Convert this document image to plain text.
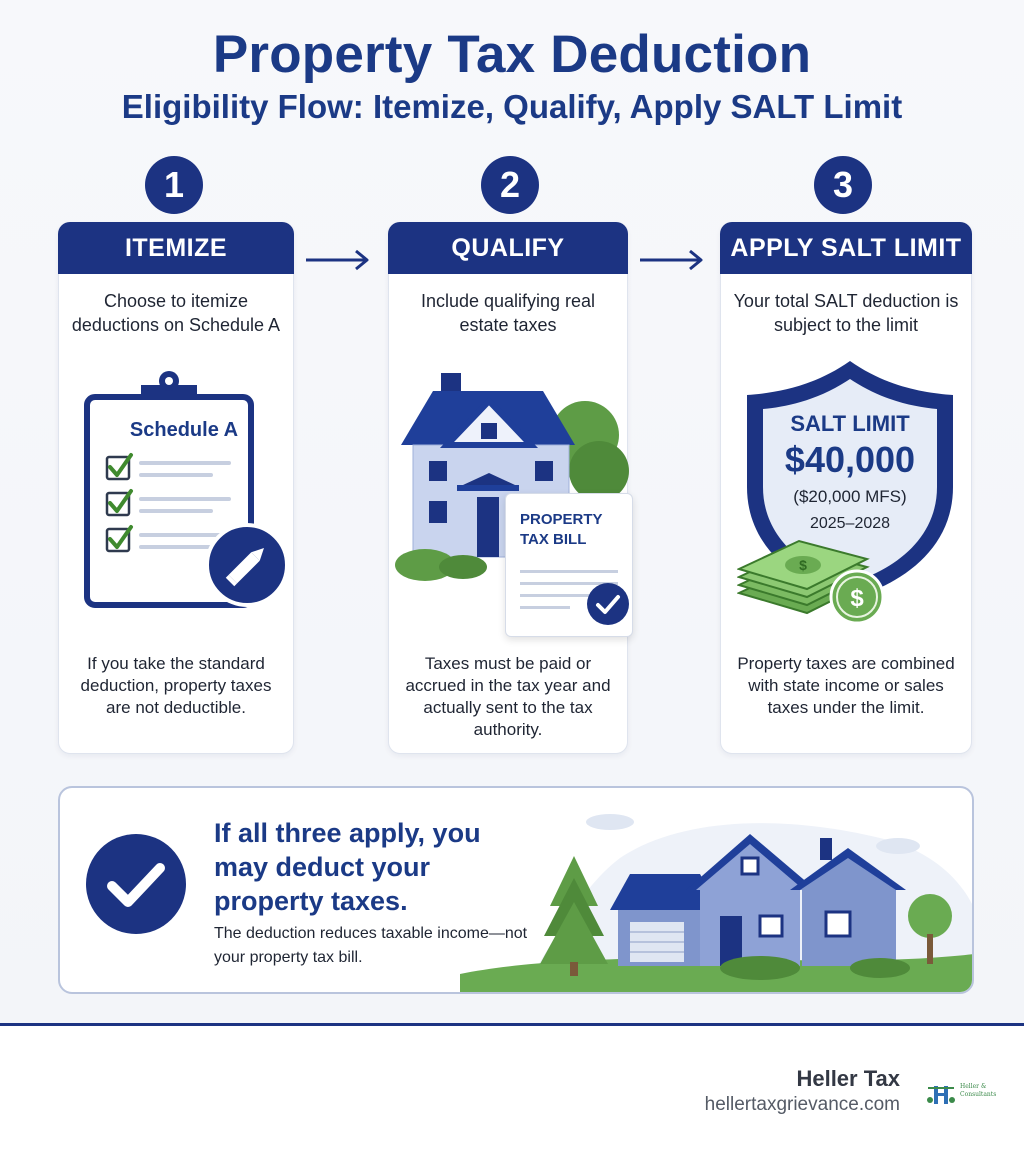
Property Tax Deduction
Eligibility Flow: Itemize, Qualify, Apply SALT Limit
1	2	3
ITEMIZE
Choose to itemize deductions on Schedule A
Schedule A
If you take the standard deduction, property taxes are not deductible.
QUALIFY
Include qualifying real estate taxes
PROPERTY TAX BILL
Taxes must be paid or accrued in the tax year and actually sent to the tax authority.
APPLY SALT LIMIT
Your total SALT deduction is subject to the limit
SALT LIMIT
$40,000
($20,000 MFS)
2025–2028
$
$
Property taxes are combined with state income or sales taxes under the limit.
If all three apply, you may deduct your property taxes.
The deduction reduces taxable income—not your property tax bill.
Heller Tax
hellertaxgrievance.com
Heller &
Consultants
